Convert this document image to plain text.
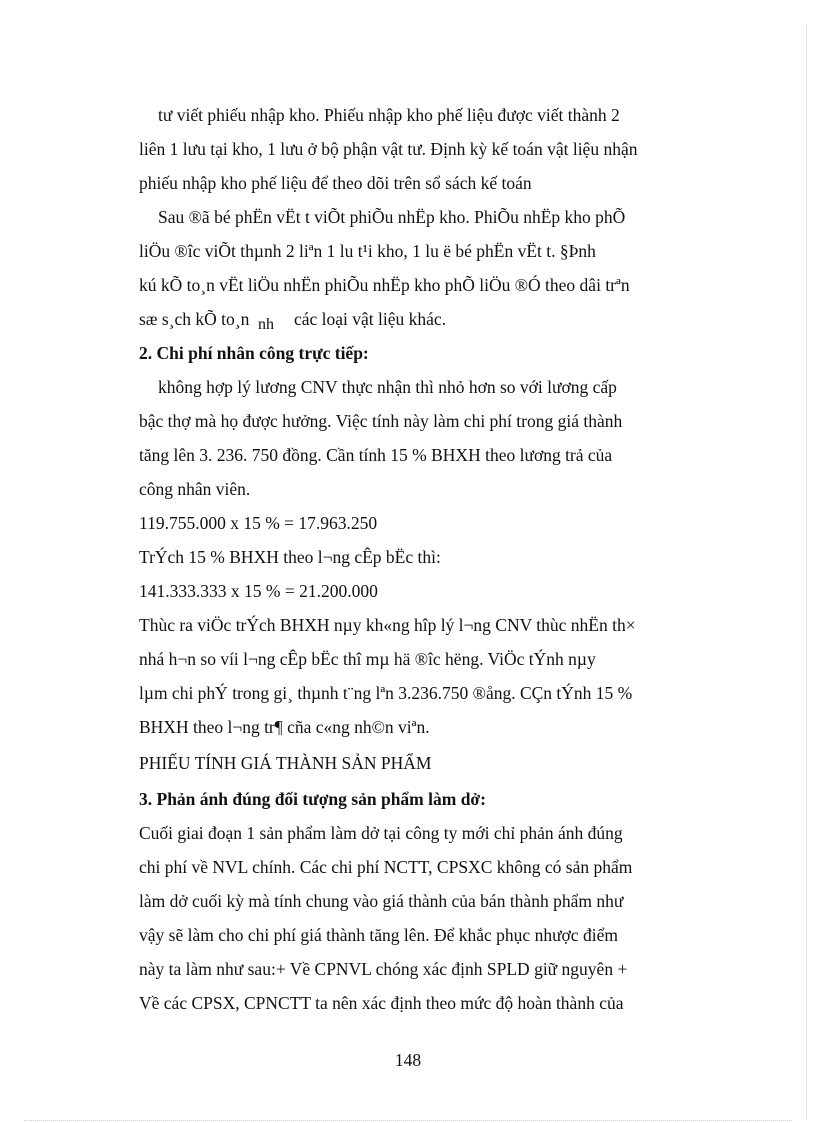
tư viết phiếu nhập kho. Phiếu nhập kho phế liệu được viết thành 2
liên 1 lưu tại kho, 1 lưu ở bộ phận vật tư. Định kỳ kế toán vật liệu nhận
phiếu nhập kho phế liệu để theo dõi trên sổ sách kế toán
Sau ®ã bé phËn vËt t viÕt phiÕu nhËp kho. PhiÕu nhËp kho phÕ
liÖu ®îc viÕt thµnh 2 liªn 1 lu t¹i kho, 1 lu ë bé phËn vËt t. §Þnh
kú kÕ to¸n vËt liÖu nhËn phiÕu nhËp kho phÕ liÖu ®Ó theo dâi trªn
sæ s¸ch kÕ to¸n nh các loại vật liệu khác.
2. Chi phí nhân công trực tiếp:
không hợp lý lương CNV thực nhận thì nhỏ hơn so với lương cấp
bậc thợ mà họ được hưởng. Việc tính này làm chi phí trong giá thành
tăng lên 3. 236. 750 đồng. Cần tính 15 % BHXH theo lương trả của
công nhân viên.
119.755.000 x 15 % = 17.963.250
TrÝch 15 % BHXH theo l¬ng cÊp bËc thì:
141.333.333 x 15 % = 21.200.000
Thùc ra viÖc trÝch BHXH nµy kh«ng hîp lý l¬ng CNV thùc nhËn th×
nhá h¬n so víi l¬ng cÊp bËc thî mµ hä ®îc hëng. ViÖc tÝnh nµy
lµm chi phÝ trong gi¸ thµnh t¨ng lªn 3.236.750 ®ång. CÇn tÝnh 15 %
BHXH theo l¬ng tr¶ cña c«ng nh©n viªn.
PHIẾU TÍNH GIÁ THÀNH SẢN PHẨM
3. Phản ánh đúng đối tượng sản phẩm làm dở:
Cuối giai đoạn 1 sản phẩm làm dở tại công ty mới chỉ phản ánh đúng
chi phí về NVL chính. Các chi phí NCTT, CPSXC không có sản phẩm
làm dở cuối kỳ mà tính chung vào giá thành của bán thành phẩm như
vậy sẽ làm cho chi phí giá thành tăng lên. Để khắc phục nhược điểm
này ta làm như sau:+ Về CPNVL chóng xác định SPLD giữ nguyên +
Về các CPSX, CPNCTT ta nên xác định theo mức độ hoàn thành của
148
